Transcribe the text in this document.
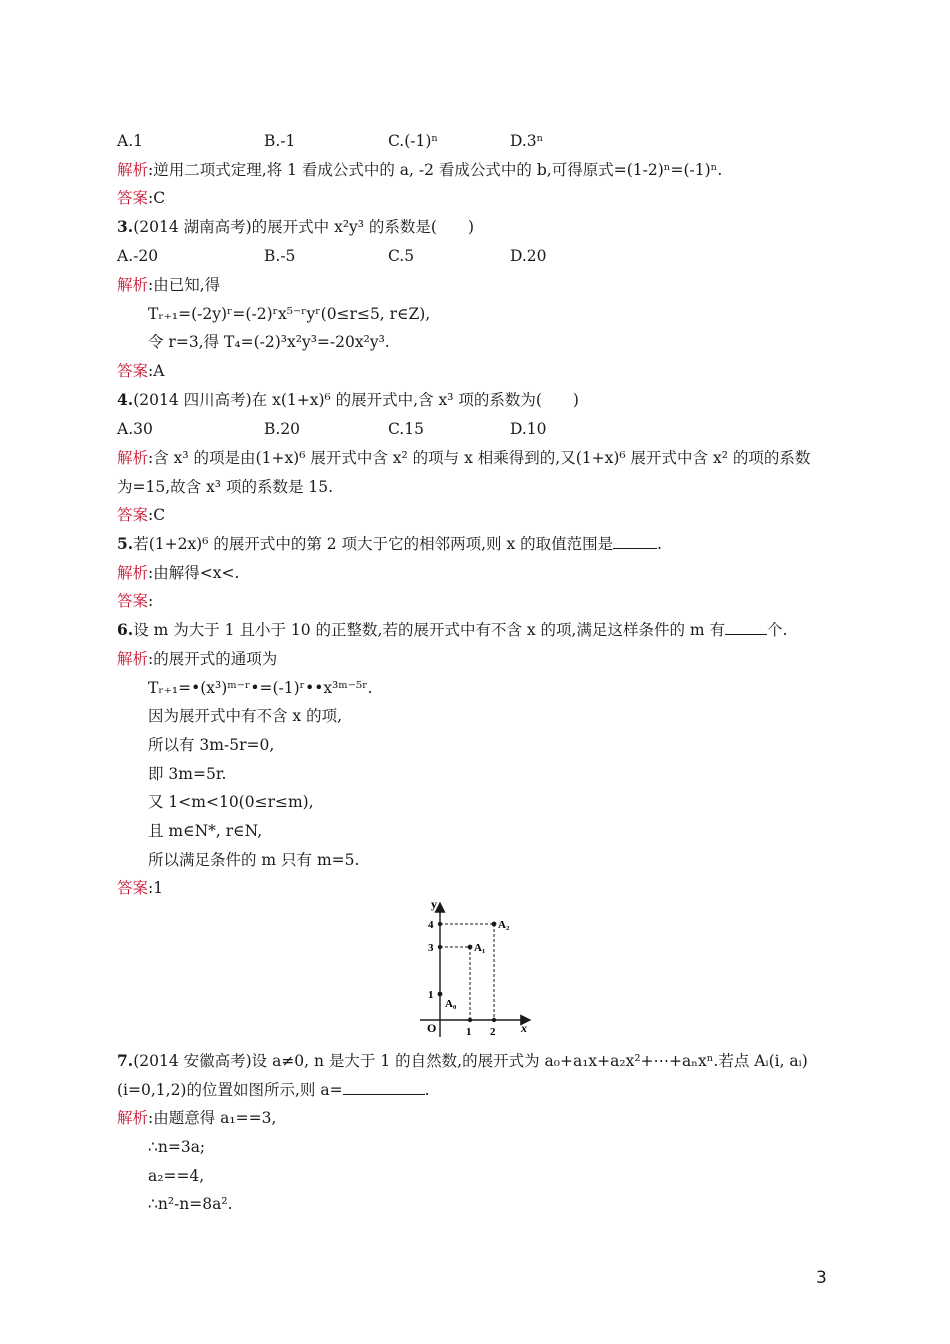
A.1	B.-1	C.(-1)ⁿ	D.3ⁿ
解析:逆用二项式定理,将 1 看成公式中的 a, -2 看成公式中的 b,可得原式=(1-2)ⁿ=(-1)ⁿ.
答案:C
3.(2014 湖南高考)的展开式中 x²y³ 的系数是(　　)
A.-20	B.-5	C.5	D.20
解析:由已知,得
Tᵣ₊₁=(-2y)ʳ=(-2)ʳx⁵⁻ʳyʳ(0≤r≤5, r∈Z),
令 r=3,得 T₄=(-2)³x²y³=-20x²y³.
答案:A
4.(2014 四川高考)在 x(1+x)⁶ 的展开式中,含 x³ 项的系数为(　　)
A.30	B.20	C.15	D.10
解析:含 x³ 的项是由(1+x)⁶ 展开式中含 x² 的项与 x 相乘得到的,又(1+x)⁶ 展开式中含 x² 的项的系数
为=15,故含 x³ 项的系数是 15.
答案:C
5.若(1+2x)⁶ 的展开式中的第 2 项大于它的相邻两项,则 x 的取值范围是	.
解析:由解得<x<.
答案:
6.设 m 为大于 1 且小于 10 的正整数,若的展开式中有不含 x 的项,满足这样条件的 m 有	个.
解析:的展开式的通项为
Tᵣ₊₁=•(x³)ᵐ⁻ʳ•=(-1)ʳ••x³ᵐ⁻⁵ʳ.
因为展开式中有不含 x 的项,
所以有 3m-5r=0,
即 3m=5r.
又 1<m<10(0≤r≤m),
且 m∈N*, r∈N,
所以满足条件的 m 只有 m=5.
答案:1
y
x
O	1 2
1
3
4
A₀
A₁
A₂
7.(2014 安徽高考)设 a≠0, n 是大于 1 的自然数,的展开式为 a₀+a₁x+a₂x²+⋯+aₙxⁿ.若点 Aᵢ(i, aᵢ)
(i=0,1,2)的位置如图所示,则 a=	.
解析:由题意得 a₁==3,
∴n=3a;
a₂==4,
∴n²-n=8a².
3
